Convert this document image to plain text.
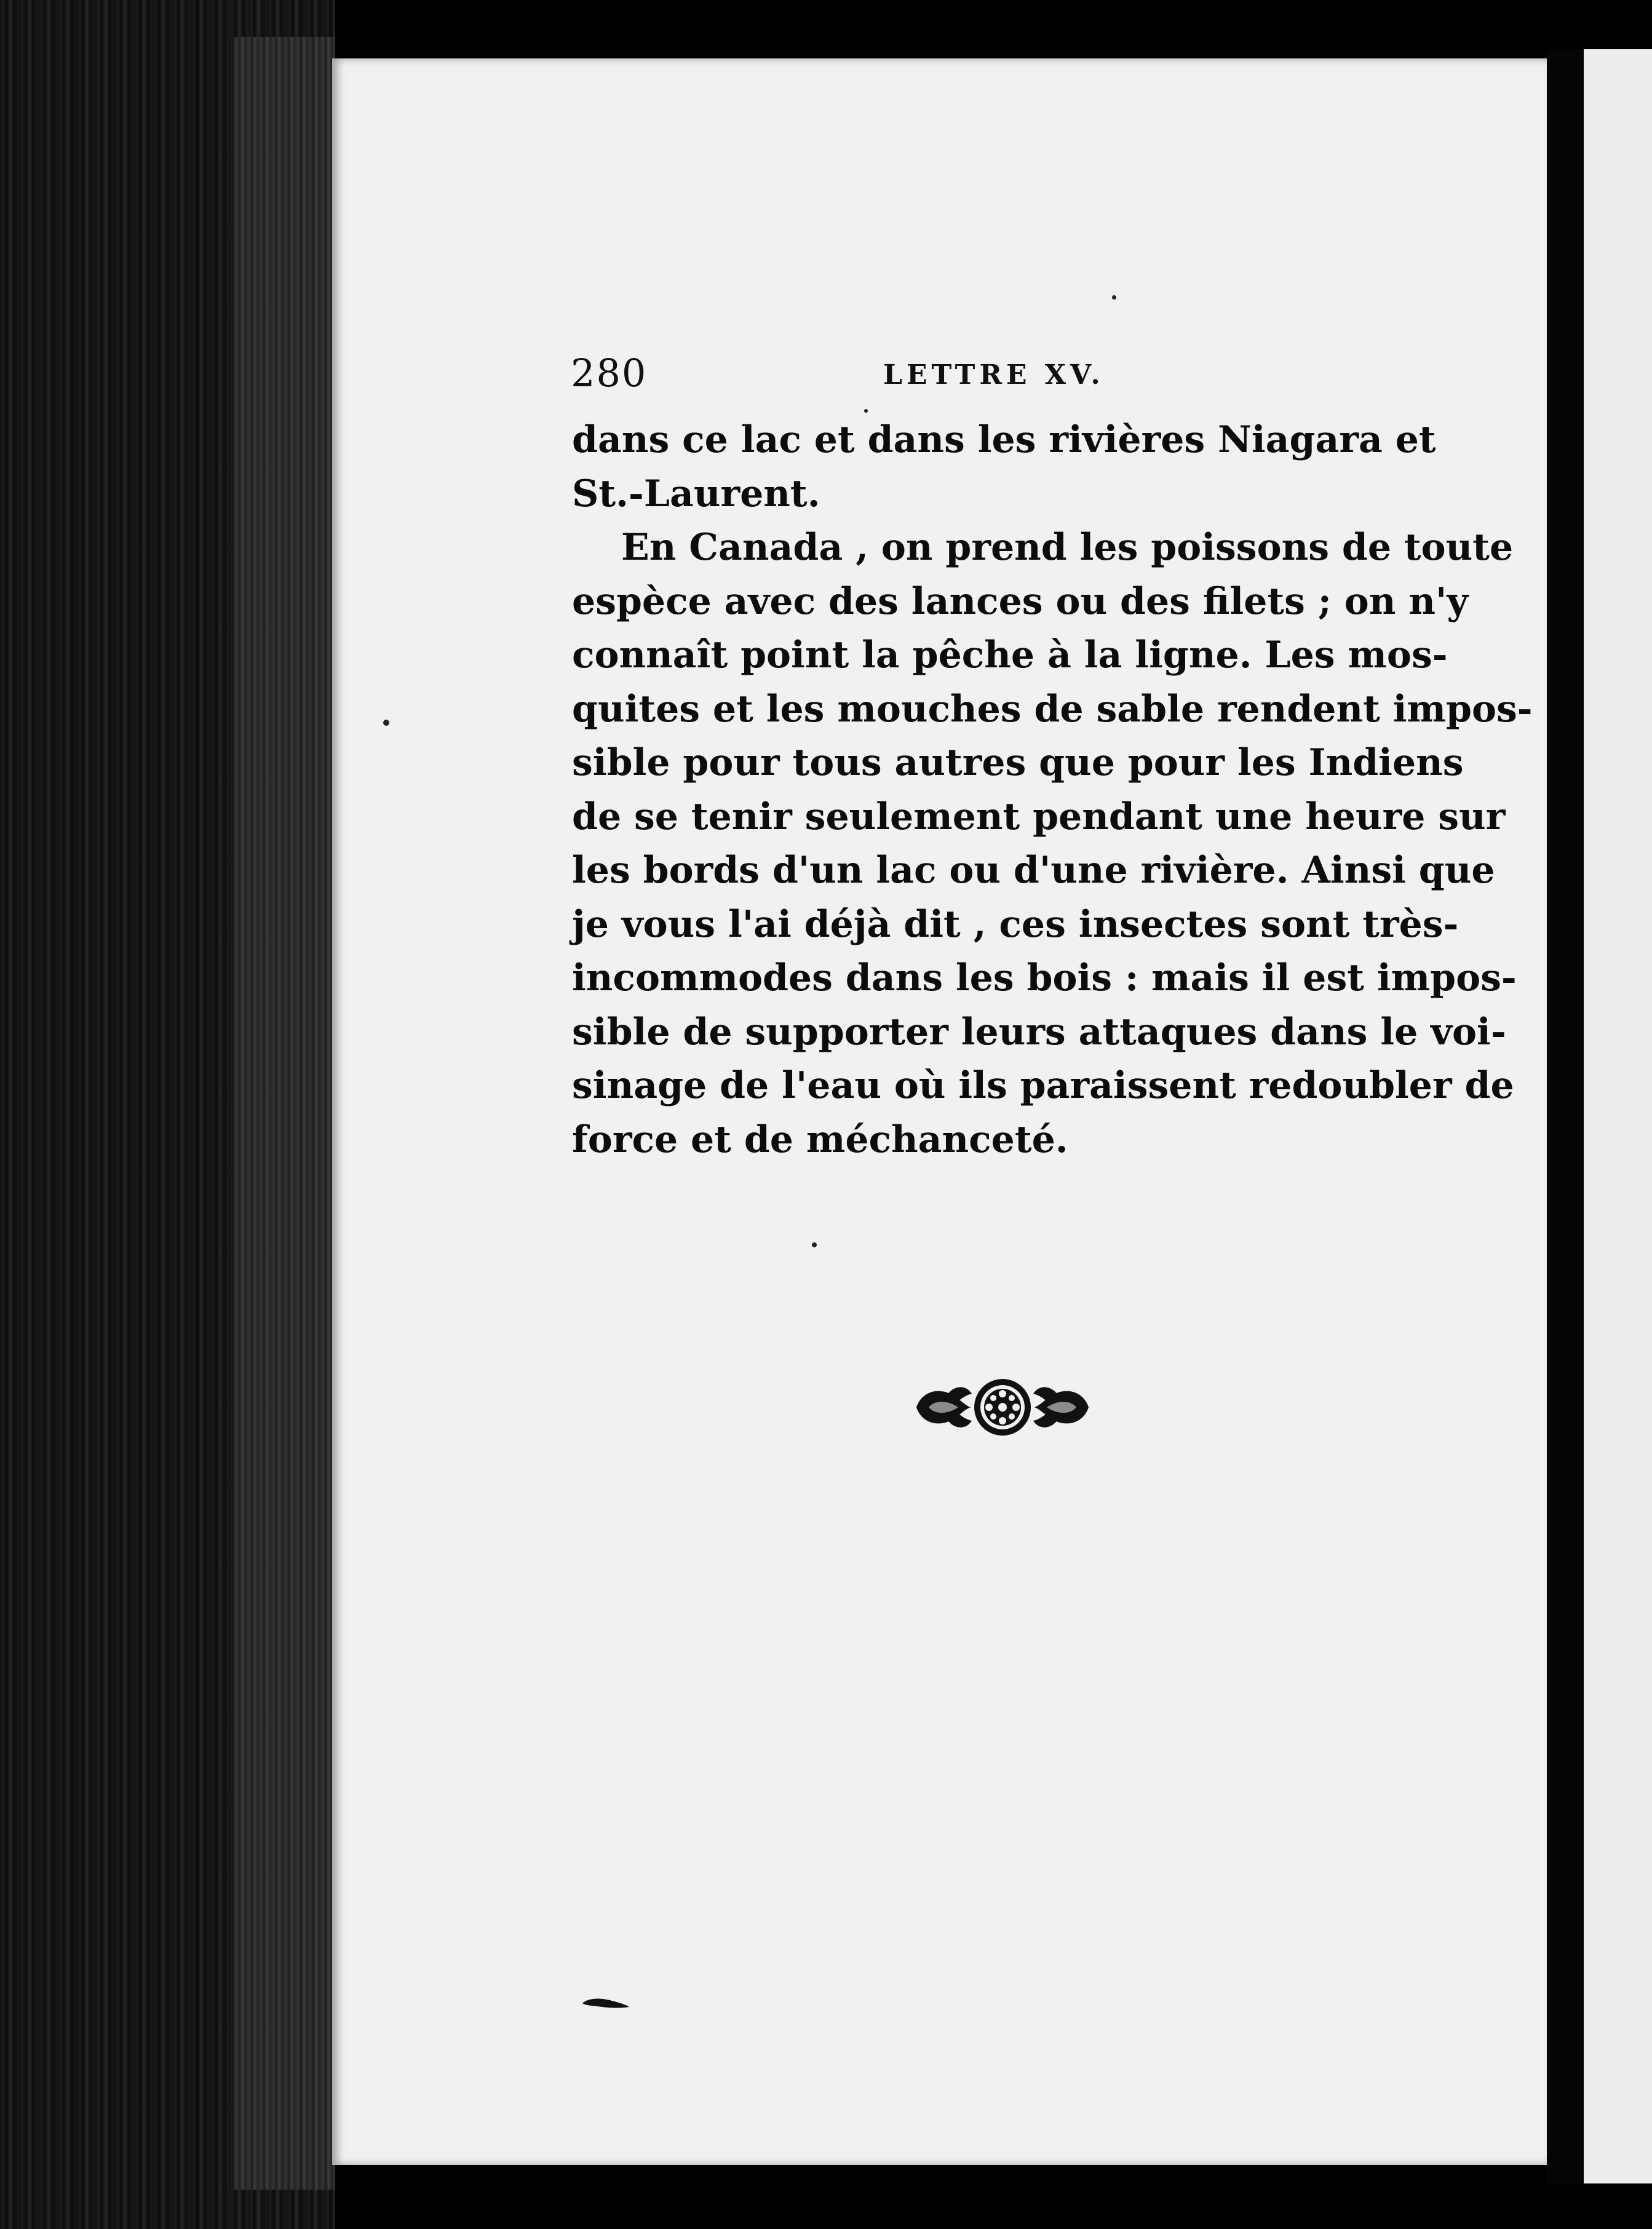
280	LETTRE XV.
dans ce lac et dans les rivières Niagara et
St.-Laurent.
En Canada , on prend les poissons de toute
espèce avec des lances ou des filets ; on n'y
connaît point la pêche à la ligne. Les mos-
quites et les mouches de sable rendent impos-
sible pour tous autres que pour les Indiens
de se tenir seulement pendant une heure sur
les bords d'un lac ou d'une rivière. Ainsi que
je vous l'ai déjà dit , ces insectes sont très-
incommodes dans les bois : mais il est impos-
sible de supporter leurs attaques dans le voi-
sinage de l'eau où ils paraissent redoubler de
force et de méchanceté.
